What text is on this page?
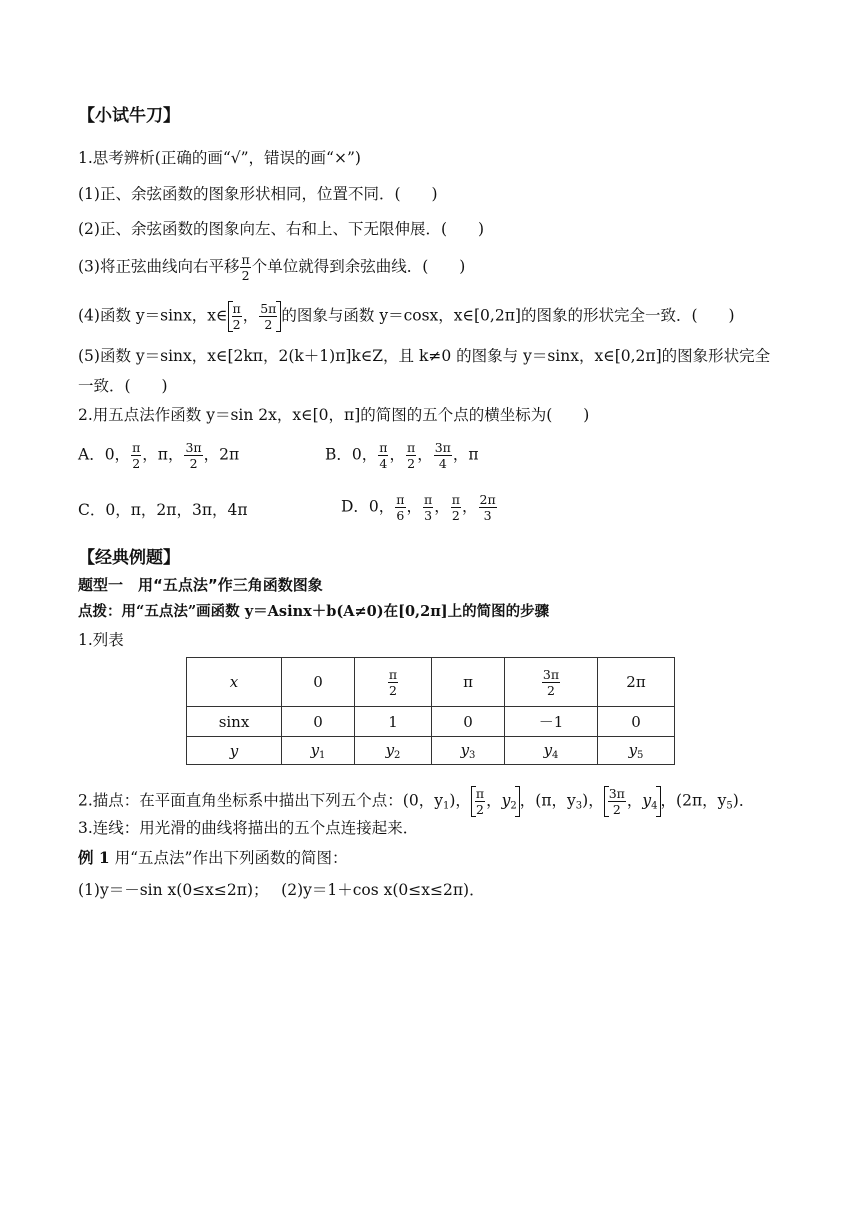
【小试牛刀】
1.思考辨析(正确的画“√”，错误的画“×”)
(1)正、余弦函数的图象形状相同，位置不同．(　　)
(2)正、余弦函数的图象向左、右和上、下无限伸展．(　　)
(3)将正弦曲线向右平移 $\frac{\pi}{2}$ 个单位就得到余弦曲线．(　　)
(4)函数 y＝sinx，x∈ $\frac{\pi}{2}$ ， $\frac{5\pi}{2}$ 的图象与函数 y＝cosx，x∈[0,2π]的图象的形状完全一致．(　　)
(5)函数 y＝sinx，x∈[2kπ，2(k＋1)π]k∈Z，且 k≠0 的图象与 y＝sinx，x∈[0,2π]的图象形状完全
一致．(　　)
2.用五点法作函数 y＝sin 2x，x∈[0，π]的简图的五个点的横坐标为(　　)
A．0， $\frac{\pi}{2}$ ，π， $\frac{3\pi}{2}$ ，2π	B．0， $\frac{\pi}{4}$ ， $\frac{\pi}{2}$ ， $\frac{3\pi}{4}$ ，π
C．0，π，2π，3π，4π	D．0， $\frac{\pi}{6}$ ， $\frac{\pi}{3}$ ， $\frac{\pi}{2}$ ， $\frac{2\pi}{3}$
【经典例题】
题型一　用“五点法”作三角函数图象
点拨：用“五点法”画函数 y＝Asinx＋b(A≠0)在[0,2π]上的简图的步骤
1.列表
x	0	$\frac{\pi}{2}$	π	$\frac{3\pi}{2}$	2π
sinx	0	1	0	－1	0
y	$y_1$	$y_2$	$y_3$	$y_4$	$y_5$
2.描点：在平面直角坐标系中描出下列五个点：(0，$y_1$)， $\frac{\pi}{2}$ ，$y_2$ ，(π，$y_3$)， $\frac{3\pi}{2}$ ，$y_4$ ，(2π，$y_5$)．
3.连线：用光滑的曲线将描出的五个点连接起来．
例 1 用“五点法”作出下列函数的简图：
(1)y＝－sin x(0≤x≤2π)；　 (2)y＝1＋cos x(0≤x≤2π)．
